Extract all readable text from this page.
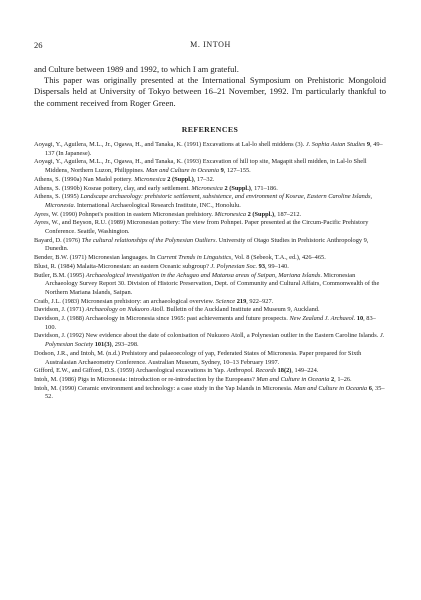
26	M. INTOH

and Culture between 1989 and 1992, to which I am grateful.

This paper was originally presented at the International Symposium on Prehistoric Mongoloid Dispersals held at University of Tokyo between 16–21 November, 1992. I'm particularly thankful to the comment received from Roger Green.

REFERENCES
Aoyagi, Y., Aguilera, M.L., Jr., Ogawa, H., and Tanaka, K. (1991) Excavations at Lal-lo shell middens (3). J. Sophia Asian Studies 9, 49–137 (In Japanese).
Aoyagi, Y., Aguilera, M.L., Jr., Ogawa, H., and Tanaka, K. (1993) Excavation of hill top site, Magapit shell midden, in Lal-lo Shell Middens, Northern Luzon, Philippines. Man and Culture in Oceania 9, 127–155.
Athens, S. (1990a) Nan Madol pottery. Micronesica 2 (Suppl.), 17–32.
Athens, S. (1990b) Kosrae pottery, clay, and early settlement. Micronesica 2 (Suppl.), 171–186.
Athens, S. (1995) Landscape archaeology: prehistoric settlement, subsistence, and environment of Kosrae, Eastern Caroline Islands, Micronesia. International Archaeological Research Institute, INC., Honolulu.
Ayres, W. (1990) Pohnpei's position in eastern Micronesian prehistory. Micronesica 2 (Suppl.), 187–212.
Ayres, W., and Beyson, R.U. (1989) Micronesian pottery: The view from Pohnpei. Paper presented at the Circum-Pacific Prehistory Conference. Seattle, Washington.
Bayard, D. (1976) The cultural relationships of the Polynesian Outliers. University of Otago Studies in Prehistoric Anthropology 9, Dunedin.
Bender, B.W. (1971) Micronesian languages. In Current Trends in Linguistics, Vol. 8 (Sebeok, T.A., ed.), 426–465.
Blust, R. (1984) Malaita-Micronesian: an eastern Oceanic subgroup? J. Polynesian Soc. 93, 99–140.
Butler, B.M. (1995) Archaeological investigation in the Achugao and Matansa areas of Saipan, Mariana Islands. Micronesian Archaeology Survey Report 30. Division of Historic Preservation, Dept. of Community and Cultural Affairs, Commonwealth of the Northern Mariana Islands, Saipan.
Craib, J.L. (1983) Micronesian prehistory: an archaeological overview. Science 219, 922–927.
Davidson, J. (1971) Archaeology on Nukuoro Atoll. Bulletin of the Auckland Institute and Museum 9, Auckland.
Davidson, J. (1988) Archaeology in Micronesia since 1965: past achievements and future prospects. New Zealand J. Archaeol. 10, 83–100.
Davidson, J. (1992) New evidence about the date of colonisation of Nukuoro Atoll, a Polynesian outlier in the Eastern Caroline Islands. J. Polynesian Society 101(3), 293–298.
Dodson, J.R., and Intoh, M. (n.d.) Prehistory and palaeoecology of yap, Federated States of Micronesia. Paper prepared for Sixth Australasian Archaeometry Conference. Australian Museum, Sydney, 10–13 February 1997.
Gifford, E.W., and Gifford, D.S. (1959) Archaeological excavations in Yap. Anthropol. Records 18(2), 149–224.
Intoh, M. (1986) Pigs in Micronesia: introduction or re-introduction by the Europeans? Man and Culture in Oceania 2, 1–26.
Intoh, M. (1990) Ceramic environment and technology: a case study in the Yap Islands in Micronesia. Man and Culture in Oceania 6, 35–52.
